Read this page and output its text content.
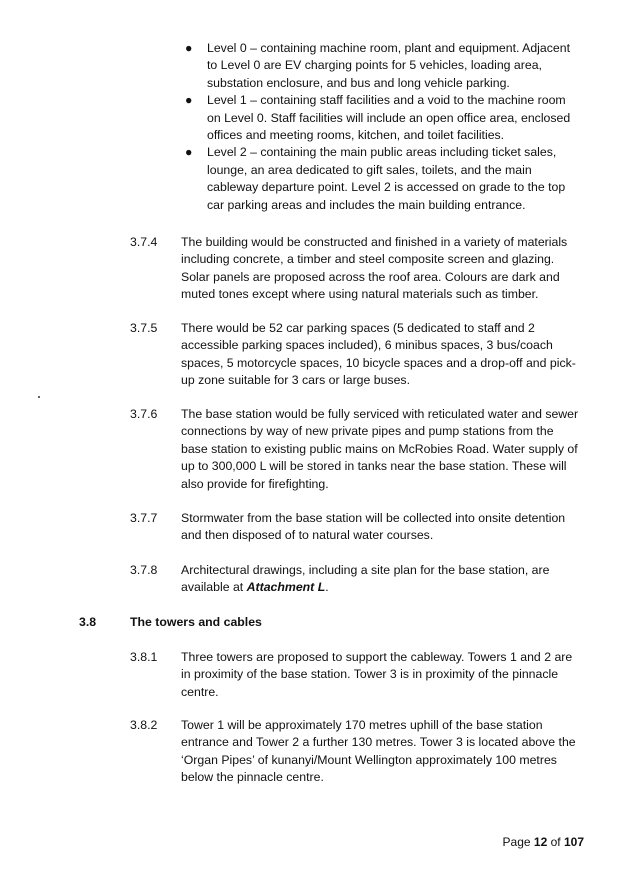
● Level 0 – containing machine room, plant and equipment. Adjacent to Level 0 are EV charging points for 5 vehicles, loading area, substation enclosure, and bus and long vehicle parking.
● Level 1 – containing staff facilities and a void to the machine room on Level 0. Staff facilities will include an open office area, enclosed offices and meeting rooms, kitchen, and toilet facilities.
● Level 2 – containing the main public areas including ticket sales, lounge, an area dedicated to gift sales, toilets, and the main cableway departure point. Level 2 is accessed on grade to the top car parking areas and includes the main building entrance.
3.7.4	The building would be constructed and finished in a variety of materials including concrete, a timber and steel composite screen and glazing. Solar panels are proposed across the roof area. Colours are dark and muted tones except where using natural materials such as timber.
3.7.5	There would be 52 car parking spaces (5 dedicated to staff and 2 accessible parking spaces included), 6 minibus spaces, 3 bus/coach spaces, 5 motorcycle spaces, 10 bicycle spaces and a drop-off and pick-up zone suitable for 3 cars or large buses.
3.7.6	The base station would be fully serviced with reticulated water and sewer connections by way of new private pipes and pump stations from the base station to existing public mains on McRobies Road. Water supply of up to 300,000 L will be stored in tanks near the base station. These will also provide for firefighting.
3.7.7	Stormwater from the base station will be collected into onsite detention and then disposed of to natural water courses.
3.7.8	Architectural drawings, including a site plan for the base station, are available at Attachment L.
3.8	The towers and cables
3.8.1	Three towers are proposed to support the cableway. Towers 1 and 2 are in proximity of the base station. Tower 3 is in proximity of the pinnacle centre.
3.8.2	Tower 1 will be approximately 170 metres uphill of the base station entrance and Tower 2 a further 130 metres. Tower 3 is located above the ‘Organ Pipes’ of kunanyi/Mount Wellington approximately 100 metres below the pinnacle centre.
Page 12 of 107
